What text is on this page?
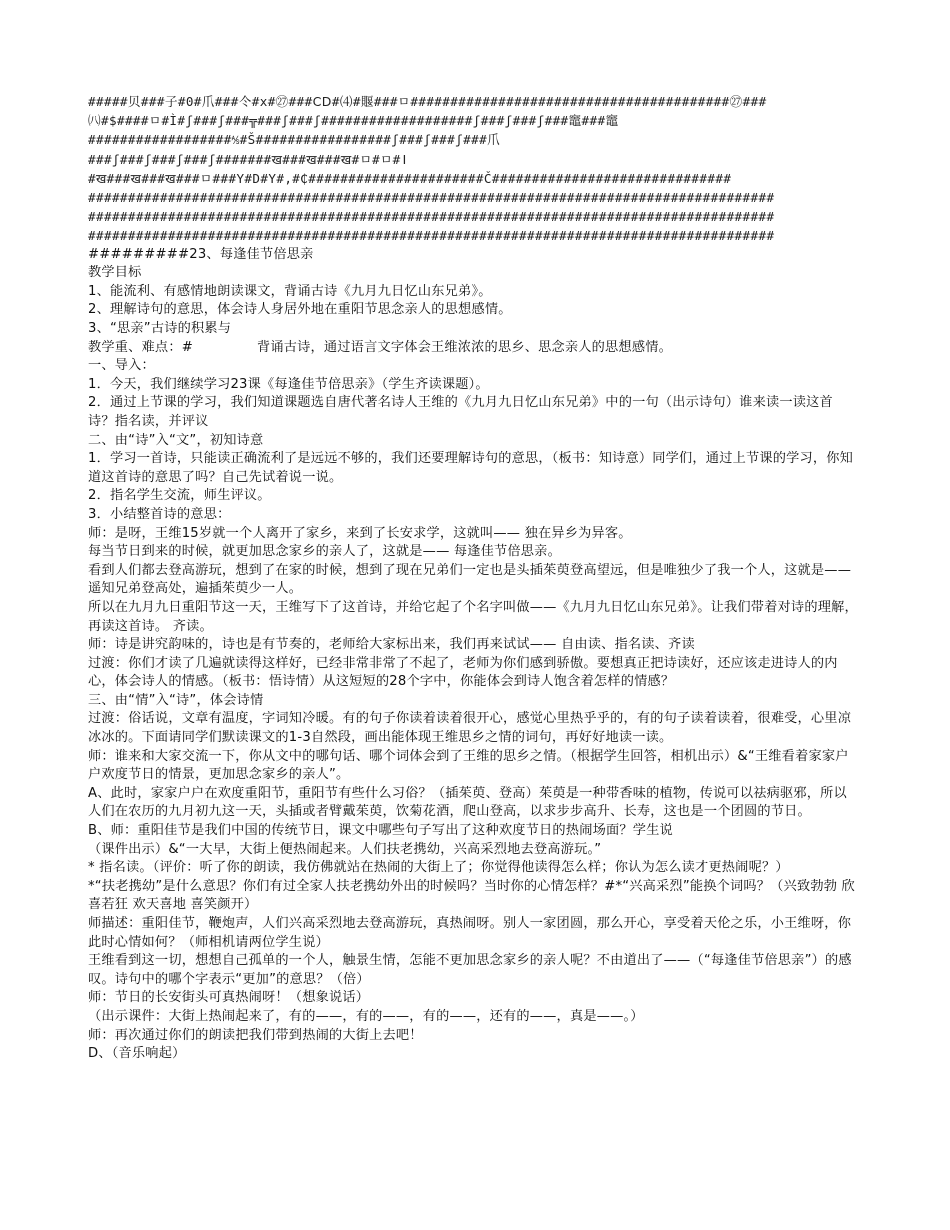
#####贝###子#0#爪###仒#x#㉗###ⅭⅮ#⑷#䞁###ㅁ########################################㉗###
㈧#$####ㅁ#Ì#ʃ###ʃ###╦###ʃ###ʃ###################ʃ###ʃ###ʃ###竈###竈
##################⅍#Š#################ʃ###ʃ###ʃ###爪
###ʃ###ʃ###ʃ###ʃ#######ख###ख###ख#ㅁ#ㅁ#ǀ
#ख###ख###ख###ㅁ###Y#D#Y#,#₵######################Č##############################
######################################################################################
######################################################################################
######################################################################################

#########23、每逢佳节倍思亲

教学目标

1、能流利、有感情地朗读课文，背诵古诗《九月九日忆山东兄弟》。

2、理解诗句的意思，体会诗人身居外地在重阳节思念亲人的思想感情。

3、“思亲”古诗的积累与

教学重、难点：#	背诵古诗，通过语言文字体会王维浓浓的思乡、思念亲人的思想感情。

一、导入：

1．今天，我们继续学习23课《每逢佳节倍思亲》（学生齐读课题）。

2．通过上节课的学习，我们知道课题选自唐代著名诗人王维的《九月九日忆山东兄弟》中的一句（出示诗句）谁来读一读这首诗？指名读，并评议

二、由“诗”入“文”，初知诗意

1．学习一首诗，只能读正确流利了是远远不够的，我们还要理解诗句的意思，（板书：知诗意）同学们，通过上节课的学习，你知道这首诗的意思了吗？自己先试着说一说。

2．指名学生交流，师生评议。

3．小结整首诗的意思：

师：是呀，王维15岁就一个人离开了家乡，来到了长安求学，这就叫—— 独在异乡为异客。

每当节日到来的时候，就更加思念家乡的亲人了，这就是—— 每逢佳节倍思亲。

看到人们都去登高游玩，想到了在家的时候，想到了现在兄弟们一定也是头插茱萸登高望远，但是唯独少了我一个人，这就是—— 遥知兄弟登高处，遍插茱萸少一人。

所以在九月九日重阳节这一天，王维写下了这首诗，并给它起了个名字叫做——《九月九日忆山东兄弟》。让我们带着对诗的理解，再读这首诗。 齐读。

师：诗是讲究韵味的，诗也是有节奏的，老师给大家标出来，我们再来试试—— 自由读、指名读、齐读

过渡：你们才读了几遍就读得这样好，已经非常非常了不起了，老师为你们感到骄傲。要想真正把诗读好，还应该走进诗人的内心，体会诗人的情感。（板书：悟诗情）从这短短的28个字中，你能体会到诗人饱含着怎样的情感？

三、由“情”入“诗”，体会诗情

过渡：俗话说，文章有温度，字词知冷暖。有的句子你读着读着很开心，感觉心里热乎乎的，有的句子读着读着，很难受，心里凉冰冰的。下面请同学们默读课文的1-3自然段，画出能体现王维思乡之情的词句，再好好地读一读。

师：谁来和大家交流一下，你从文中的哪句话、哪个词体会到了王维的思乡之情。（根据学生回答，相机出示）&“王维看着家家户户欢度节日的情景，更加思念家乡的亲人”。

A、此时，家家户户在欢度重阳节，重阳节有些什么习俗？（插茱萸、登高）茱萸是一种带香味的植物，传说可以祛病驱邪，所以人们在农历的九月初九这一天，头插或者臂戴茱萸，饮菊花酒，爬山登高，以求步步高升、长寿，这也是一个团圆的节日。

B、师：重阳佳节是我们中国的传统节日，课文中哪些句子写出了这种欢度节日的热闹场面？学生说

（课件出示）&“一大早，大街上便热闹起来。人们扶老携幼，兴高采烈地去登高游玩。”

* 指名读。（评价：听了你的朗读，我仿佛就站在热闹的大街上了；你觉得他读得怎么样；你认为怎么读才更热闹呢？）

*“扶老携幼”是什么意思？你们有过全家人扶老携幼外出的时候吗？当时你的心情怎样？#*“兴高采烈”能换个词吗？（兴致勃勃 欣喜若狂 欢天喜地 喜笑颜开）

师描述：重阳佳节，鞭炮声，人们兴高采烈地去登高游玩，真热闹呀。别人一家团圆，那么开心，享受着天伦之乐，小王维呀，你此时心情如何？（师相机请两位学生说）

王维看到这一切，想想自己孤单的一个人，触景生情，怎能不更加思念家乡的亲人呢？不由道出了——（“每逢佳节倍思亲”）的感叹。诗句中的哪个字表示“更加”的意思？（倍）

师：节日的长安街头可真热闹呀！（想象说话）

（出示课件：大街上热闹起来了，有的——，有的——，有的——，还有的——，真是——。）

师：再次通过你们的朗读把我们带到热闹的大街上去吧！

D、（音乐响起）
